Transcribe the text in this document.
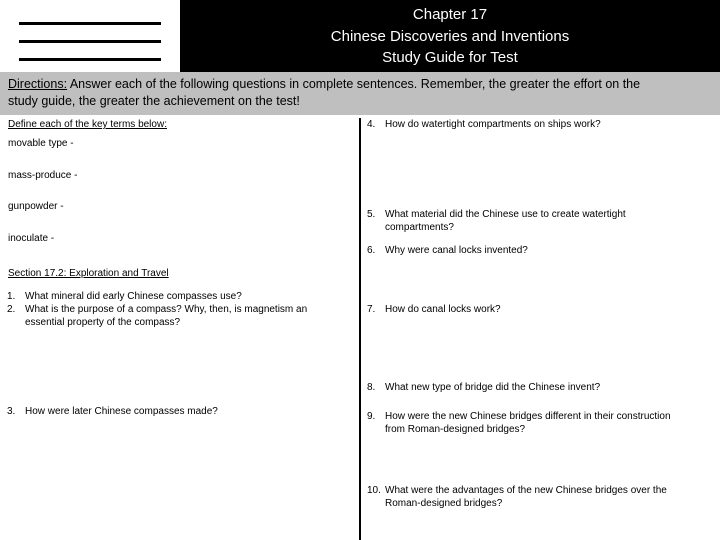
Chapter 17
Chinese Discoveries and Inventions
Study Guide for Test
Directions: Answer each of the following questions in complete sentences. Remember, the greater the effort on the
study guide, the greater the achievement on the test!
Define each of the key terms below:
movable type -
mass-produce -
gunpowder -
inoculate -
Section 17.2: Exploration and Travel
1. What mineral did early Chinese compasses use?
2. What is the purpose of a compass? Why, then, is magnetism an
essential property of the compass?
3. How were later Chinese compasses made?
4. How do watertight compartments on ships work?
5. What material did the Chinese use to create watertight
compartments?
6. Why were canal locks invented?
7. How do canal locks work?
8. What new type of bridge did the Chinese invent?
9. How were the new Chinese bridges different in their construction
from Roman-designed bridges?
10. What were the advantages of the new Chinese bridges over the
Roman-designed bridges?
